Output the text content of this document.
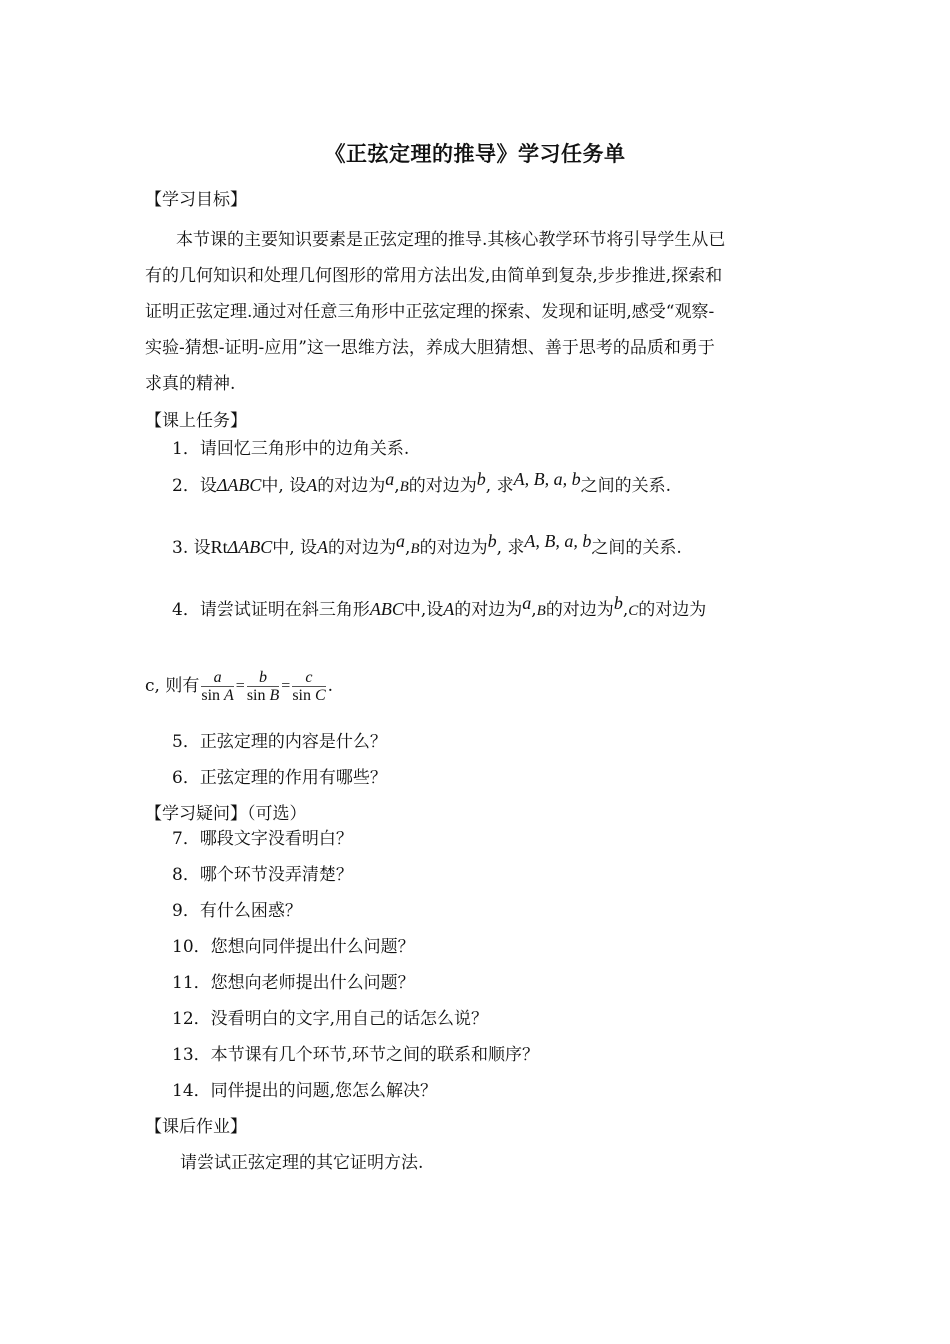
《正弦定理的推导》学习任务单
【学习目标】
本节课的主要知识要素是正弦定理的推导.其核心教学环节将引导学生从已
有的几何知识和处理几何图形的常用方法出发,由简单到复杂,步步推进,探索和
证明正弦定理.通过对任意三角形中正弦定理的探索、发现和证明,感受“观察-
实验-猜想-证明-应用”这一思维方法，养成大胆猜想、善于思考的品质和勇于
求真的精神.
【课上任务】
1．请回忆三角形中的边角关系.
2．设ΔABC中, 设A的对边为a,B的对边为b, 求A, B, a, b之间的关系.
3. 设RtΔABC中, 设A的对边为a,B的对边为b, 求A, B, a, b之间的关系.
4．请尝试证明在斜三角形ABC中,设A的对边为a,B的对边为b,C的对边为
c, 则有 $\frac{a}{\text{sin A}} = \frac{b}{\text{sin B}} = \frac{c}{\text{sin C}}$ .
5．正弦定理的内容是什么？
6．正弦定理的作用有哪些？
【学习疑问】（可选）
7．哪段文字没看明白？
8．哪个环节没弄清楚？
9．有什么困惑？
10．您想向同伴提出什么问题？
11．您想向老师提出什么问题？
12．没看明白的文字,用自己的话怎么说？
13．本节课有几个环节,环节之间的联系和顺序？
14．同伴提出的问题,您怎么解决？
【课后作业】
请尝试正弦定理的其它证明方法.
